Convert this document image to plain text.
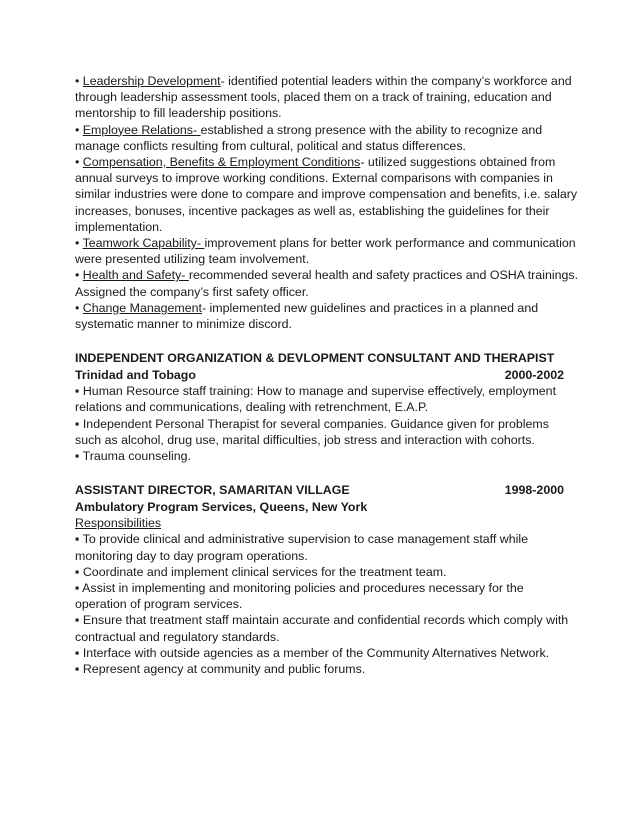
• Leadership Development- identified potential leaders within the company’s workforce and through leadership assessment tools, placed them on a track of training, education and mentorship to fill leadership positions.

• Employee Relations- established a strong presence with the ability to recognize and manage conflicts resulting from cultural, political and status differences.

• Compensation, Benefits & Employment Conditions- utilized suggestions obtained from annual surveys to improve working conditions. External comparisons with companies in similar industries were done to compare and improve compensation and benefits, i.e. salary increases, bonuses, incentive packages as well as, establishing the guidelines for their implementation.

• Teamwork Capability- improvement plans for better work performance and communication were presented utilizing team involvement.

• Health and Safety- recommended several health and safety practices and OSHA trainings. Assigned the company’s first safety officer.

• Change Management- implemented new guidelines and practices in a planned and systematic manner to minimize discord.

INDEPENDENT ORGANIZATION & DEVLOPMENT CONSULTANT AND THERAPIST

Trinidad and Tobago	2000-2002

▪ Human Resource staff training: How to manage and supervise effectively, employment relations and communications, dealing with retrenchment, E.A.P.

▪ Independent Personal Therapist for several companies. Guidance given for problems such as alcohol, drug use, marital difficulties, job stress and interaction with cohorts.

▪ Trauma counseling.

ASSISTANT DIRECTOR, SAMARITAN VILLAGE	1998-2000

Ambulatory Program Services, Queens, New York

Responsibilities

▪ To provide clinical and administrative supervision to case management staff while monitoring day to day program operations.

▪ Coordinate and implement clinical services for the treatment team.

▪ Assist in implementing and monitoring policies and procedures necessary for the operation of program services.

▪ Ensure that treatment staff maintain accurate and confidential records which comply with contractual and regulatory standards.

▪ Interface with outside agencies as a member of the Community Alternatives Network.

▪ Represent agency at community and public forums.
